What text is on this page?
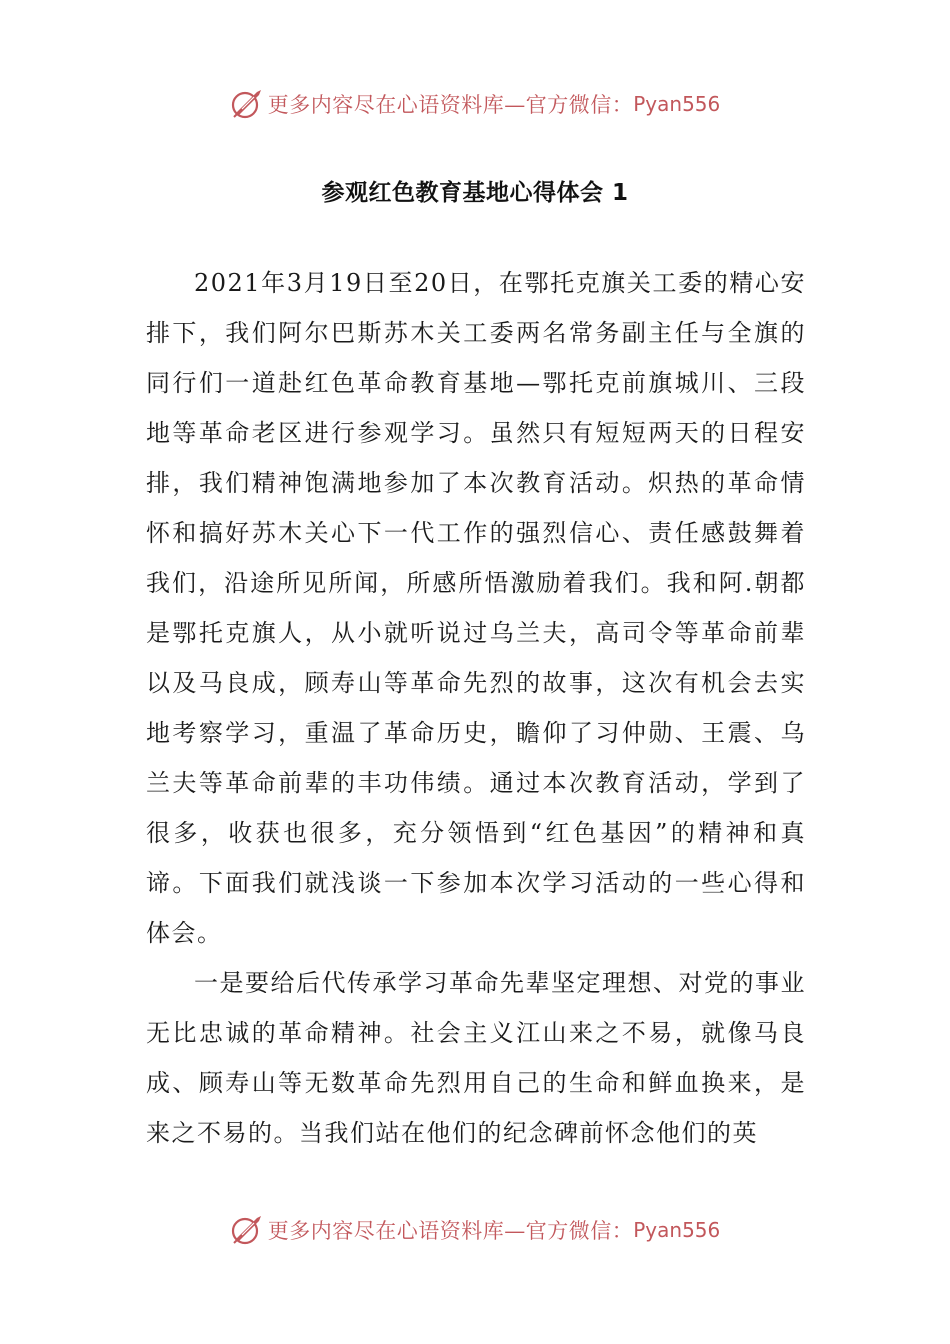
更多内容尽在心语资料库—官方微信： Pyan556
参观红色教育基地心得体会 1

2021年3月19日至20日，在鄂托克旗关工委的精心安排下，我们阿尔巴斯苏木关工委两名常务副主任与全旗的同行们一道赴红色革命教育基地—鄂托克前旗城川、三段地等革命老区进行参观学习。虽然只有短短两天的日程安排，我们精神饱满地参加了本次教育活动。炽热的革命情怀和搞好苏木关心下一代工作的强烈信心、责任感鼓舞着我们，沿途所见所闻，所感所悟激励着我们。我和阿.朝都是鄂托克旗人，从小就听说过乌兰夫，高司令等革命前辈以及马良成，顾寿山等革命先烈的故事，这次有机会去实地考察学习，重温了革命历史，瞻仰了习仲勋、王震、乌兰夫等革命前辈的丰功伟绩。通过本次教育活动，学到了很多，收获也很多，充分领悟到“红色基因”的精神和真谛。下面我们就浅谈一下参加本次学习活动的一些心得和体会。

一是要给后代传承学习革命先辈坚定理想、对党的事业无比忠诚的革命精神。社会主义江山来之不易，就像马良成、顾寿山等无数革命先烈用自己的生命和鲜血换来，是来之不易的。当我们站在他们的纪念碑前怀念他们的英

更多内容尽在心语资料库—官方微信： Pyan556
